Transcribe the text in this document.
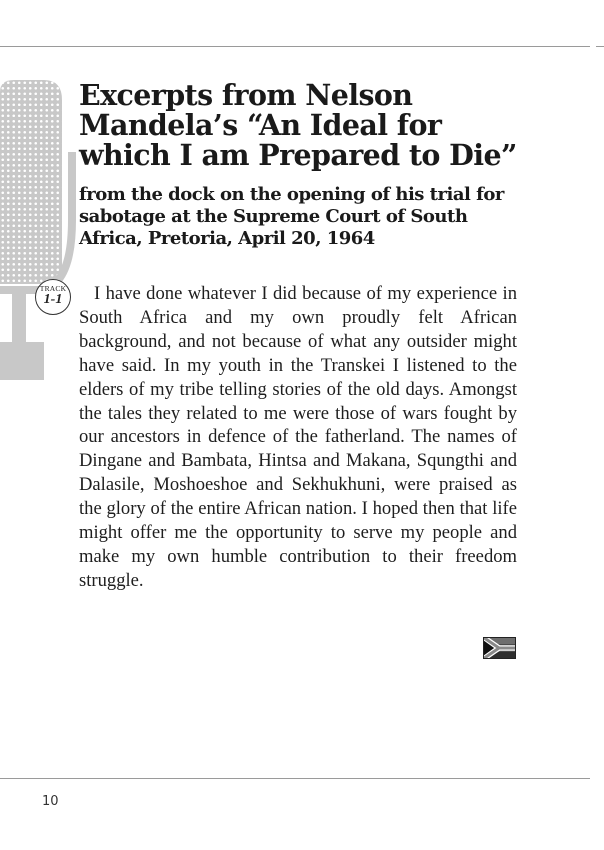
Excerpts from Nelson Mandela’s “An Ideal for which I am Prepared to Die”
from the dock on the opening of his trial for sabotage at the Supreme Court of South Africa, Pretoria, April 20, 1964
TRACK
1-1	I have done whatever I did because of my experience in South Africa and my own proudly felt African background, and not because of what any outsider might have said. In my youth in the Transkei I listened to the elders of my tribe telling stories of the old days. Amongst the tales they related to me were those of wars fought by our ancestors in defence of the fatherland. The names of Dingane and Bambata, Hintsa and Makana, Squngthi and Dalasile, Moshoeshoe and Sekhukhuni, were praised as the glory of the entire African nation. I hoped then that life might offer me the opportunity to serve my people and make my own humble contribution to their freedom struggle.

10
